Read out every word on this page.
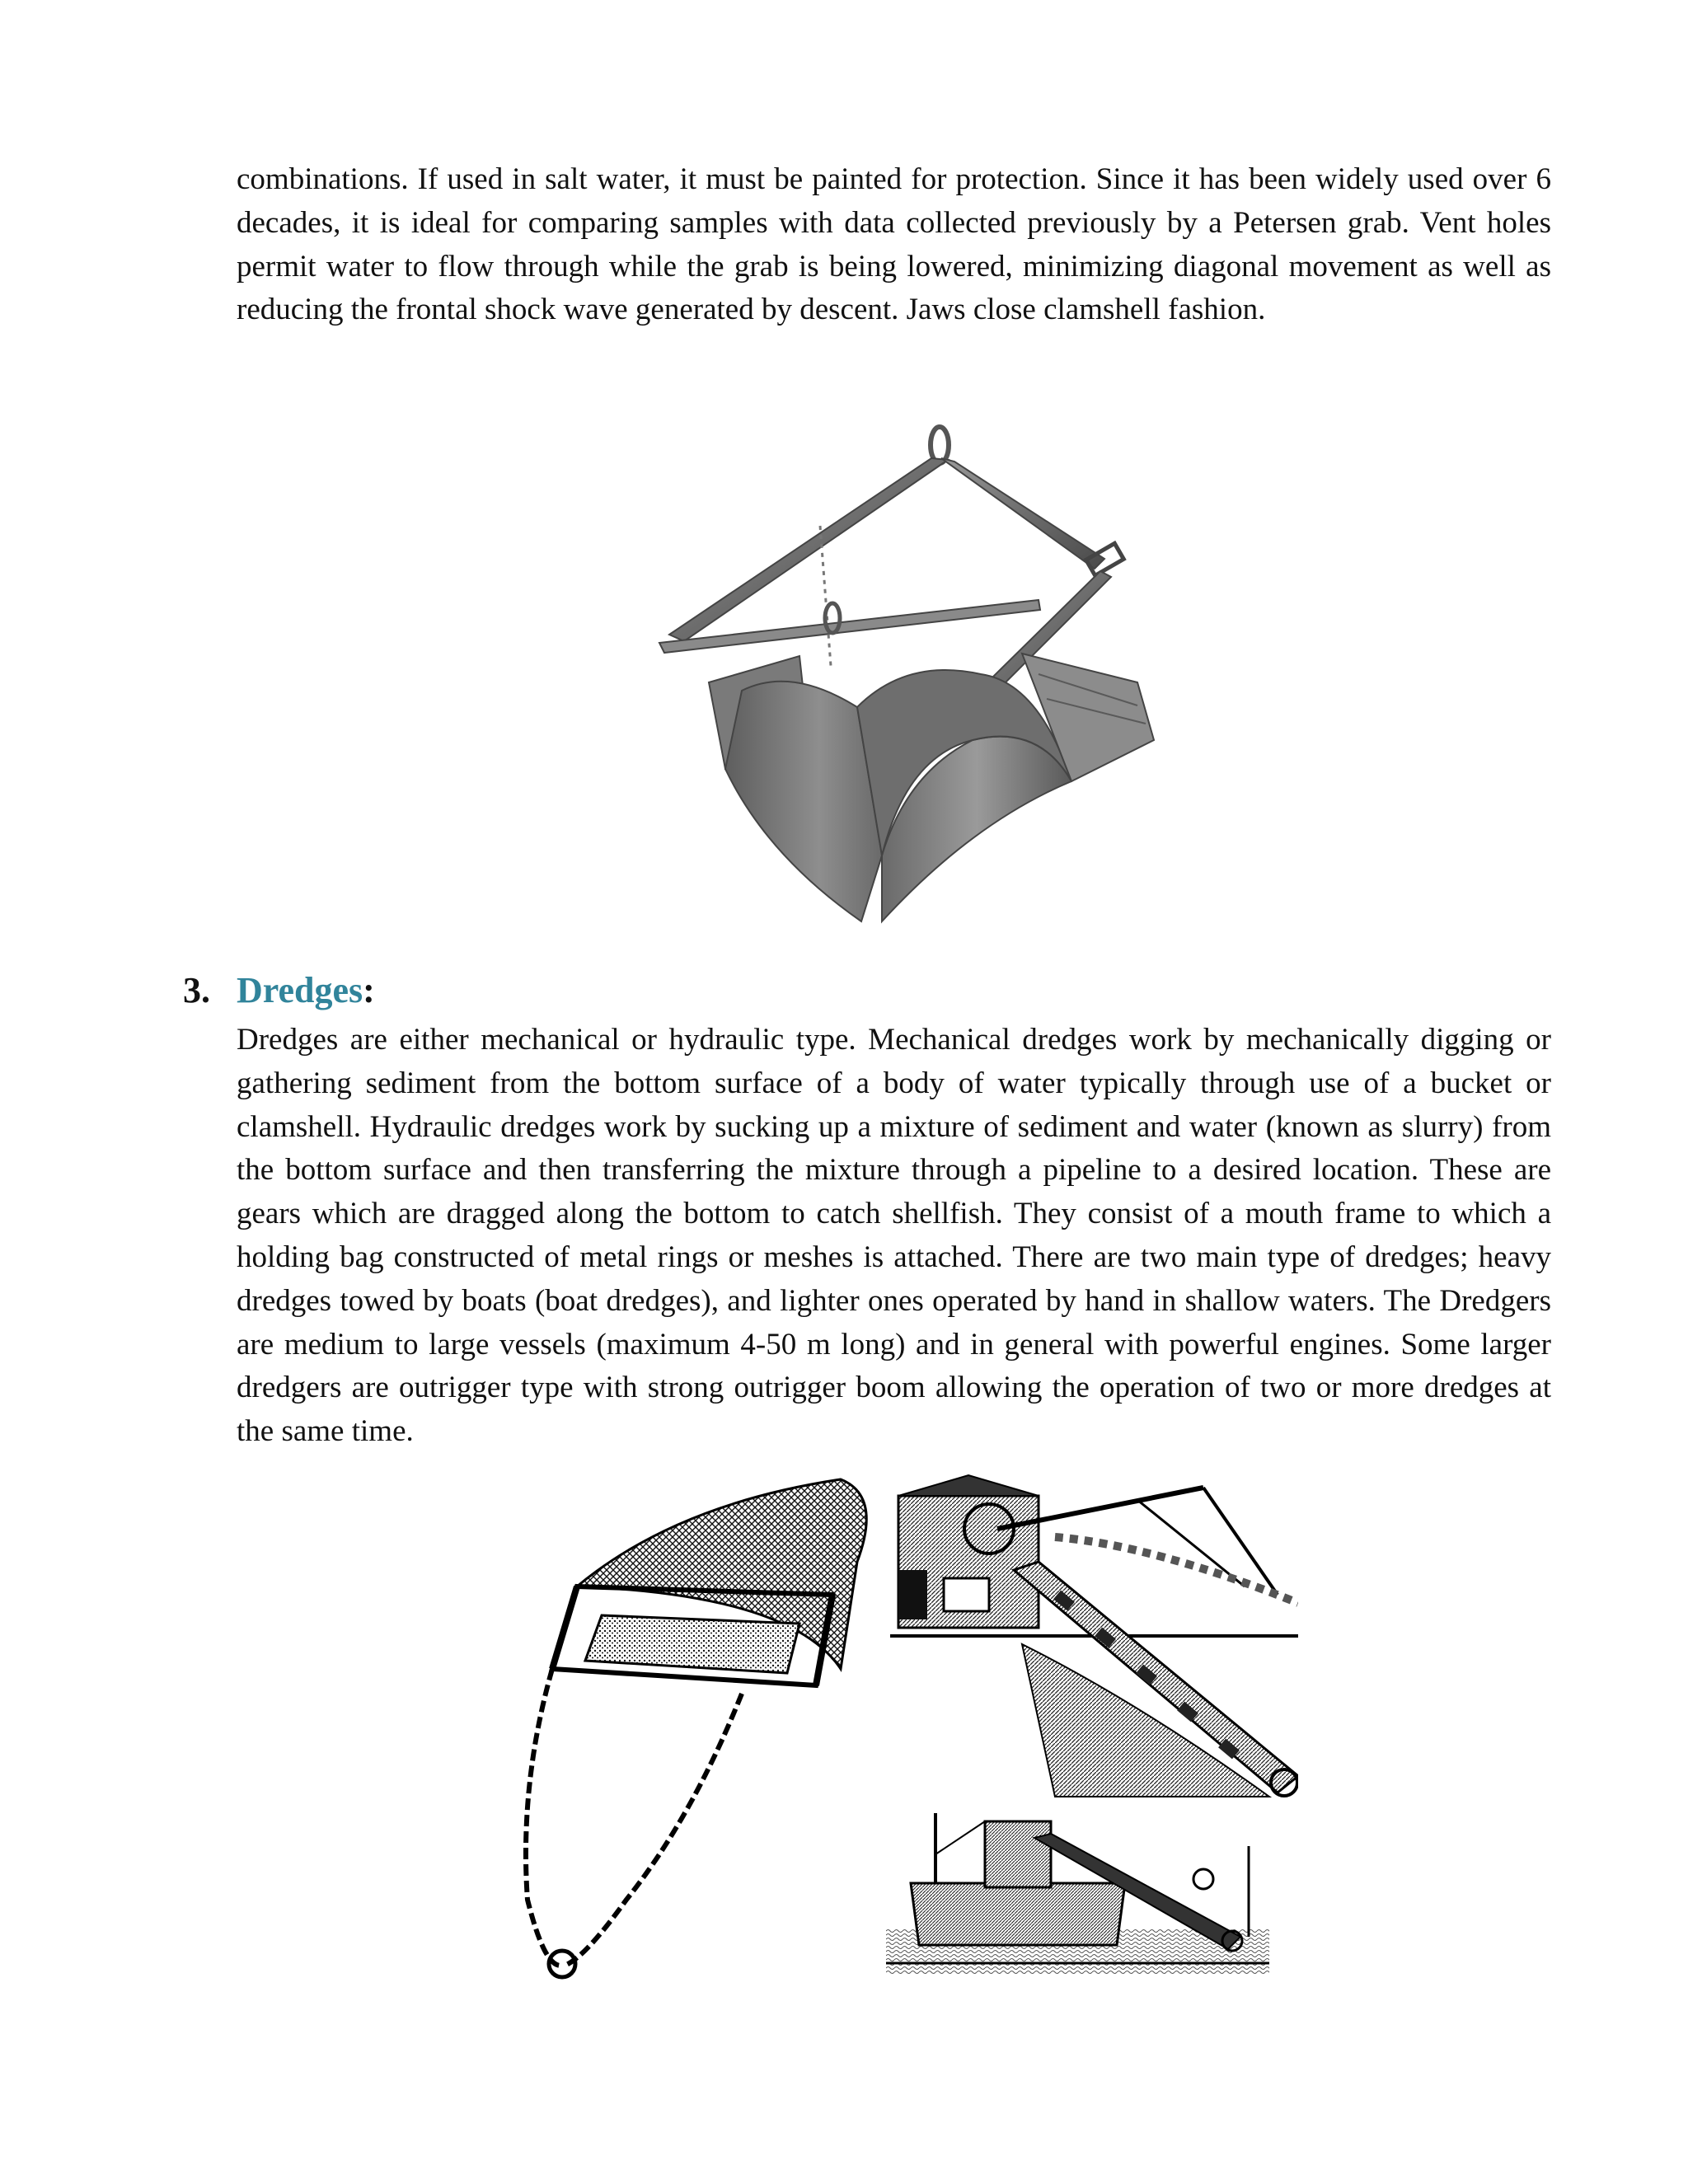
combinations. If used in salt water, it must be painted for protection. Since it has been widely used over 6 decades, it is ideal for comparing samples with data collected previously by a Petersen grab. Vent holes permit water to flow through while the grab is being lowered, minimizing diagonal movement as well as reducing the frontal shock wave generated by descent. Jaws close clamshell fashion.

3. Dredges:

Dredges are either mechanical or hydraulic type. Mechanical dredges work by mechanically digging or gathering sediment from the bottom surface of a body of water typically through use of a bucket or clamshell. Hydraulic dredges work by sucking up a mixture of sediment and water (known as slurry) from the bottom surface and then transferring the mixture through a pipeline to a desired location. These are gears which are dragged along the bottom to catch shellfish. They consist of a mouth frame to which a holding bag constructed of metal rings or meshes is attached. There are two main type of dredges; heavy dredges towed by boats (boat dredges), and lighter ones operated by hand in shallow waters. The Dredgers are medium to large vessels (maximum 4-50 m long) and in general with powerful engines. Some larger dredgers are outrigger type with strong outrigger boom allowing the operation of two or more dredges at the same time.
